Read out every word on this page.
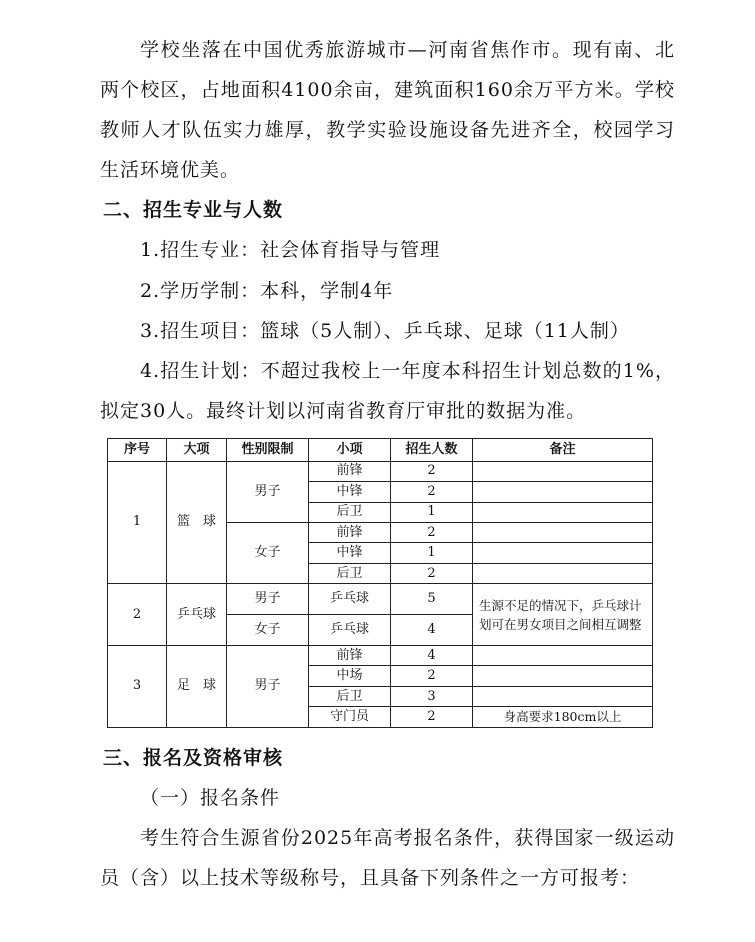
学校坐落在中国优秀旅游城市—河南省焦作市。现有南、北两个校区，占地面积4100余亩，建筑面积160余万平方米。学校教师人才队伍实力雄厚，教学实验设施设备先进齐全，校园学习生活环境优美。
二、招生专业与人数
1.招生专业：社会体育指导与管理
2.学历学制：本科，学制4年
3.招生项目：篮球（5人制）、乒乓球、足球（11人制）
4.招生计划：不超过我校上一年度本科招生计划总数的1%，拟定30人。最终计划以河南省教育厅审批的数据为准。
序号	大项	性别限制	小项	招生人数	备注
1	篮　球	男子	前锋	2	
			中锋	2	
			后卫	1	
		女子	前锋	2	
			中锋	1	
			后卫	2	
2	乒乓球	男子	乒乓球	5	生源不足的情况下，乒乓球计划可在男女项目之间相互调整
		女子	乒乓球	4	
3	足　球	男子	前锋	4	
			中场	2	
			后卫	3	
			守门员	2	身高要求180cm以上
三、报名及资格审核
（一）报名条件
考生符合生源省份2025年高考报名条件，获得国家一级运动员（含）以上技术等级称号，且具备下列条件之一方可报考：
